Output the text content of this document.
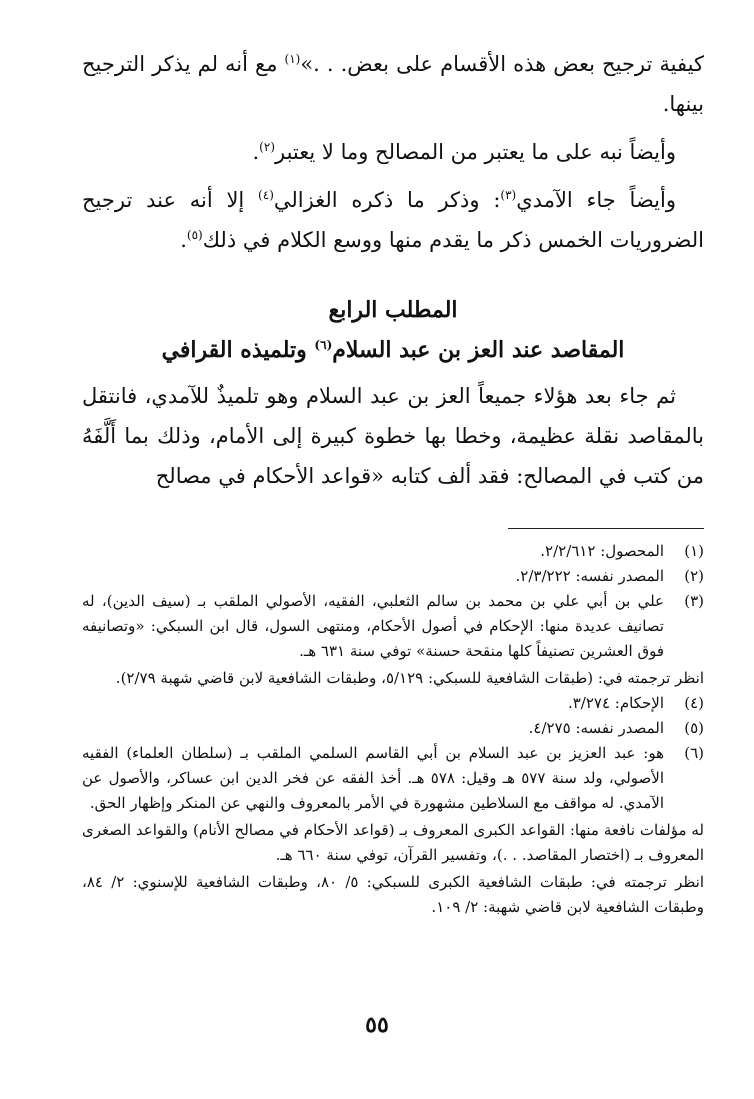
كيفية ترجيح بعض هذه الأقسام على بعض. . .»$^{(١)}$ مع أنه لم يذكر الترجيح بينها.

وأيضاً نبه على ما يعتبر من المصالح وما لا يعتبر$^{(٢)}$.

وأيضاً جاء الآمدي$^{(٣)}$: وذكر ما ذكره الغزالي$^{(٤)}$ إلا أنه عند ترجيح الضروريات الخمس ذكر ما يقدم منها ووسع الكلام في ذلك$^{(٥)}$.

المطلب الرابع

المقاصد عند العز بن عبد السلام$^{(٦)}$ وتلميذه القرافي

ثم جاء بعد هؤلاء جميعاً العز بن عبد السلام وهو تلميذٌ للآمدي، فانتقل بالمقاصد نقلة عظيمة، وخطا بها خطوة كبيرة إلى الأمام، وذلك بما أَلَّفَهُ من كتب في المصالح: فقد ألف كتابه «قواعد الأحكام في مصالح

(١)
المحصول: ٢/٢/٦١٢.
(٢)
المصدر نفسه: ٢/٣/٢٢٢.
(٣)
علي بن أبي علي بن محمد بن سالم الثعلبي، الفقيه، الأصولي الملقب بـ (سيف الدين)، له تصانيف عديدة منها: الإحكام في أصول الأحكام، ومنتهى السول، قال ابن السبكي: «وتصانيفه فوق العشرين تصنيفاً كلها منقحة حسنة» توفي سنة ٦٣١ هـ.
انظر ترجمته في: (طبقات الشافعية للسبكي: ٥/١٢٩، وطبقات الشافعية لابن قاضي شهبة ٢/٧٩).
(٤)
الإحكام: ٣/٢٧٤.
(٥)
المصدر نفسه: ٤/٢٧٥.
(٦)
هو: عبد العزيز بن عبد السلام بن أبي القاسم السلمي الملقب بـ (سلطان العلماء) الفقيه الأصولي، ولد سنة ٥٧٧ هـ وقيل: ٥٧٨ هـ. أخذ الفقه عن فخر الدين ابن عساكر، والأصول عن الآمدي. له مواقف مع السلاطين مشهورة في الأمر بالمعروف والنهي عن المنكر وإظهار الحق.
له مؤلفات نافعة منها: القواعد الكبرى المعروف بـ (قواعد الأحكام في مصالح الأنام) والقواعد الصغرى المعروف بـ (اختصار المقاصد. . .)، وتفسير القرآن، توفي سنة ٦٦٠ هـ.
انظر ترجمته في: طبقات الشافعية الكبرى للسبكي: ٥/ ٨٠، وطبقات الشافعية للإسنوي: ٢/ ٨٤، وطبقات الشافعية لابن قاضي شهبة: ٢/ ١٠٩.
٥٥
